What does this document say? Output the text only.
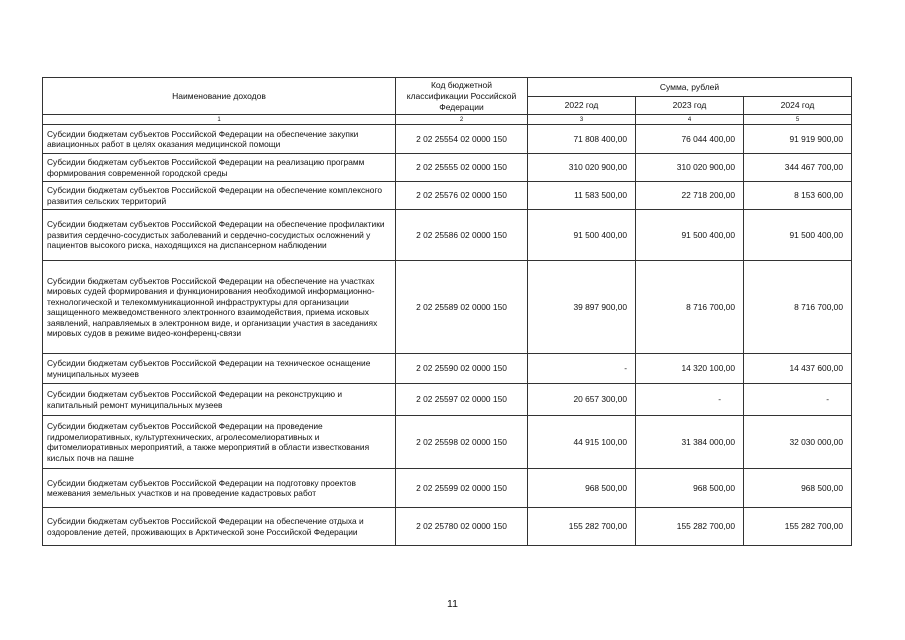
Наименование доходов	Код бюджетной классификации Российской Федерации	Сумма, рублей		
		2022 год	2023 год	2024 год
1	2	3	4	5
Субсидии бюджетам субъектов Российской Федерации на обеспечение закупки авиационных работ в целях оказания медицинской помощи	2 02 25554 02 0000 150	71 808 400,00	76 044 400,00	91 919 900,00
Субсидии бюджетам субъектов Российской Федерации на реализацию программ формирования современной городской среды	2 02 25555 02 0000 150	310 020 900,00	310 020 900,00	344 467 700,00
Субсидии бюджетам субъектов Российской Федерации на обеспечение комплексного развития сельских территорий	2 02 25576 02 0000 150	11 583 500,00	22 718 200,00	8 153 600,00
Субсидии бюджетам субъектов Российской Федерации на обеспечение профилактики развития сердечно-сосудистых заболеваний и сердечно-сосудистых осложнений у пациентов высокого риска, находящихся на диспансерном наблюдении	2 02 25586 02 0000 150	91 500 400,00	91 500 400,00	91 500 400,00
Субсидии бюджетам субъектов Российской Федерации на обеспечение на участках мировых судей формирования и функционирования необходимой информационно-технологической и телекоммуникационной инфраструктуры для организации защищенного межведомственного электронного взаимодействия, приема исковых заявлений, направляемых в электронном виде, и организации участия в заседаниях мировых судов в режиме видео-конференц-связи	2 02 25589 02 0000 150	39 897 900,00	8 716 700,00	8 716 700,00
Субсидии бюджетам субъектов Российской Федерации на техническое оснащение муниципальных музеев	2 02 25590 02 0000 150	-	14 320 100,00	14 437 600,00
Субсидии бюджетам субъектов Российской Федерации на реконструкцию и капитальный ремонт муниципальных музеев	2 02 25597 02 0000 150	20 657 300,00	-	-
Субсидии бюджетам субъектов Российской Федерации на проведение гидромелиоративных, культуртехнических, агролесомелиоративных и фитомелиоративных мероприятий, а также мероприятий в области известкования кислых почв на пашне	2 02 25598 02 0000 150	44 915 100,00	31 384 000,00	32 030 000,00
Субсидии бюджетам субъектов Российской Федерации на подготовку проектов межевания земельных участков и на проведение кадастровых работ	2 02 25599 02 0000 150	968 500,00	968 500,00	968 500,00
Субсидии бюджетам субъектов Российской Федерации на обеспечение отдыха и оздоровление детей, проживающих в Арктической зоне Российской Федерации	2 02 25780 02 0000 150	155 282 700,00	155 282 700,00	155 282 700,00
11
